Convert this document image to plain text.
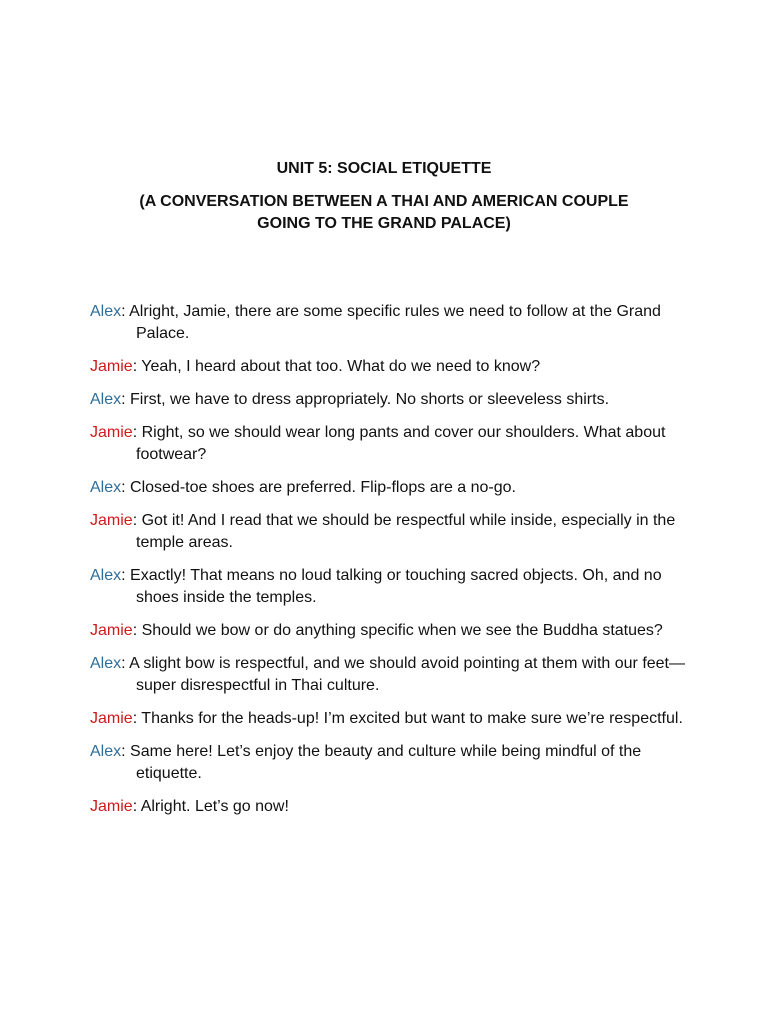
UNIT 5: SOCIAL ETIQUETTE

(A CONVERSATION BETWEEN A THAI AND AMERICAN COUPLE
GOING TO THE GRAND PALACE)

Alex: Alright, Jamie, there are some specific rules we need to follow at the Grand Palace.
Jamie: Yeah, I heard about that too. What do we need to know?
Alex: First, we have to dress appropriately. No shorts or sleeveless shirts.
Jamie: Right, so we should wear long pants and cover our shoulders. What about footwear?
Alex: Closed-toe shoes are preferred. Flip-flops are a no-go.
Jamie: Got it! And I read that we should be respectful while inside, especially in the temple areas.
Alex: Exactly! That means no loud talking or touching sacred objects. Oh, and no shoes inside the temples.
Jamie: Should we bow or do anything specific when we see the Buddha statues?
Alex: A slight bow is respectful, and we should avoid pointing at them with our feet—super disrespectful in Thai culture.
Jamie: Thanks for the heads-up! I’m excited but want to make sure we’re respectful.
Alex: Same here! Let’s enjoy the beauty and culture while being mindful of the etiquette.
Jamie: Alright. Let’s go now!
